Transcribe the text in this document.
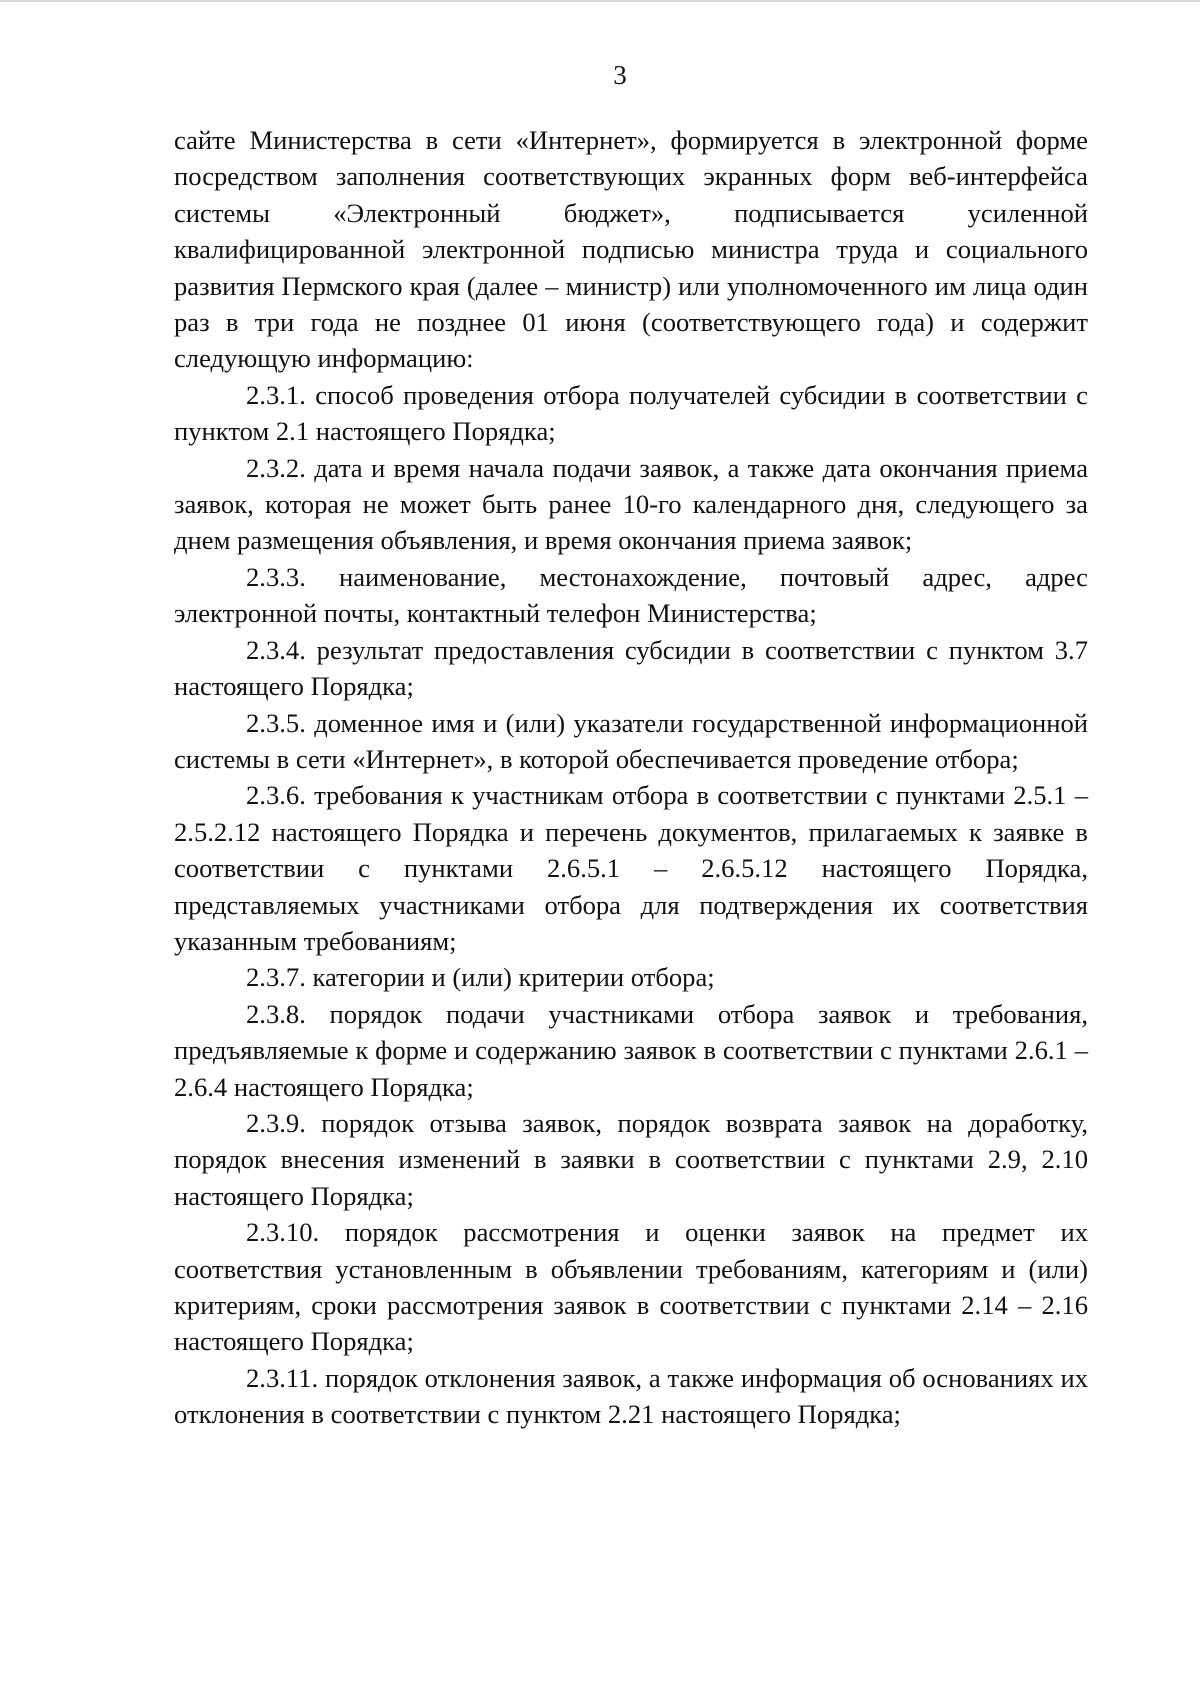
3

сайте Министерства в сети «Интернет», формируется в электронной форме посредством заполнения соответствующих экранных форм веб-интерфейса системы «Электронный бюджет», подписывается усиленной квалифицированной электронной подписью министра труда и социального развития Пермского края (далее – министр) или уполномоченного им лица один раз в три года не позднее 01 июня (соответствующего года) и содержит следующую информацию:

2.3.1. способ проведения отбора получателей субсидии в соответствии с пунктом 2.1 настоящего Порядка;

2.3.2. дата и время начала подачи заявок, а также дата окончания приема заявок, которая не может быть ранее 10-го календарного дня, следующего за днем размещения объявления, и время окончания приема заявок;

2.3.3. наименование, местонахождение, почтовый адрес, адрес электронной почты, контактный телефон Министерства;

2.3.4. результат предоставления субсидии в соответствии с пунктом 3.7 настоящего Порядка;

2.3.5. доменное имя и (или) указатели государственной информационной системы в сети «Интернет», в которой обеспечивается проведение отбора;

2.3.6. требования к участникам отбора в соответствии с пунктами 2.5.1 – 2.5.2.12 настоящего Порядка и перечень документов, прилагаемых к заявке в соответствии с пунктами 2.6.5.1 – 2.6.5.12 настоящего Порядка, представляемых участниками отбора для подтверждения их соответствия указанным требованиям;

2.3.7. категории и (или) критерии отбора;

2.3.8. порядок подачи участниками отбора заявок и требования, предъявляемые к форме и содержанию заявок в соответствии с пунктами 2.6.1 – 2.6.4 настоящего Порядка;

2.3.9. порядок отзыва заявок, порядок возврата заявок на доработку, порядок внесения изменений в заявки в соответствии с пунктами 2.9, 2.10 настоящего Порядка;

2.3.10. порядок рассмотрения и оценки заявок на предмет их соответствия установленным в объявлении требованиям, категориям и (или) критериям, сроки рассмотрения заявок в соответствии с пунктами 2.14 – 2.16 настоящего Порядка;

2.3.11. порядок отклонения заявок, а также информация об основаниях их отклонения в соответствии с пунктом 2.21 настоящего Порядка;
